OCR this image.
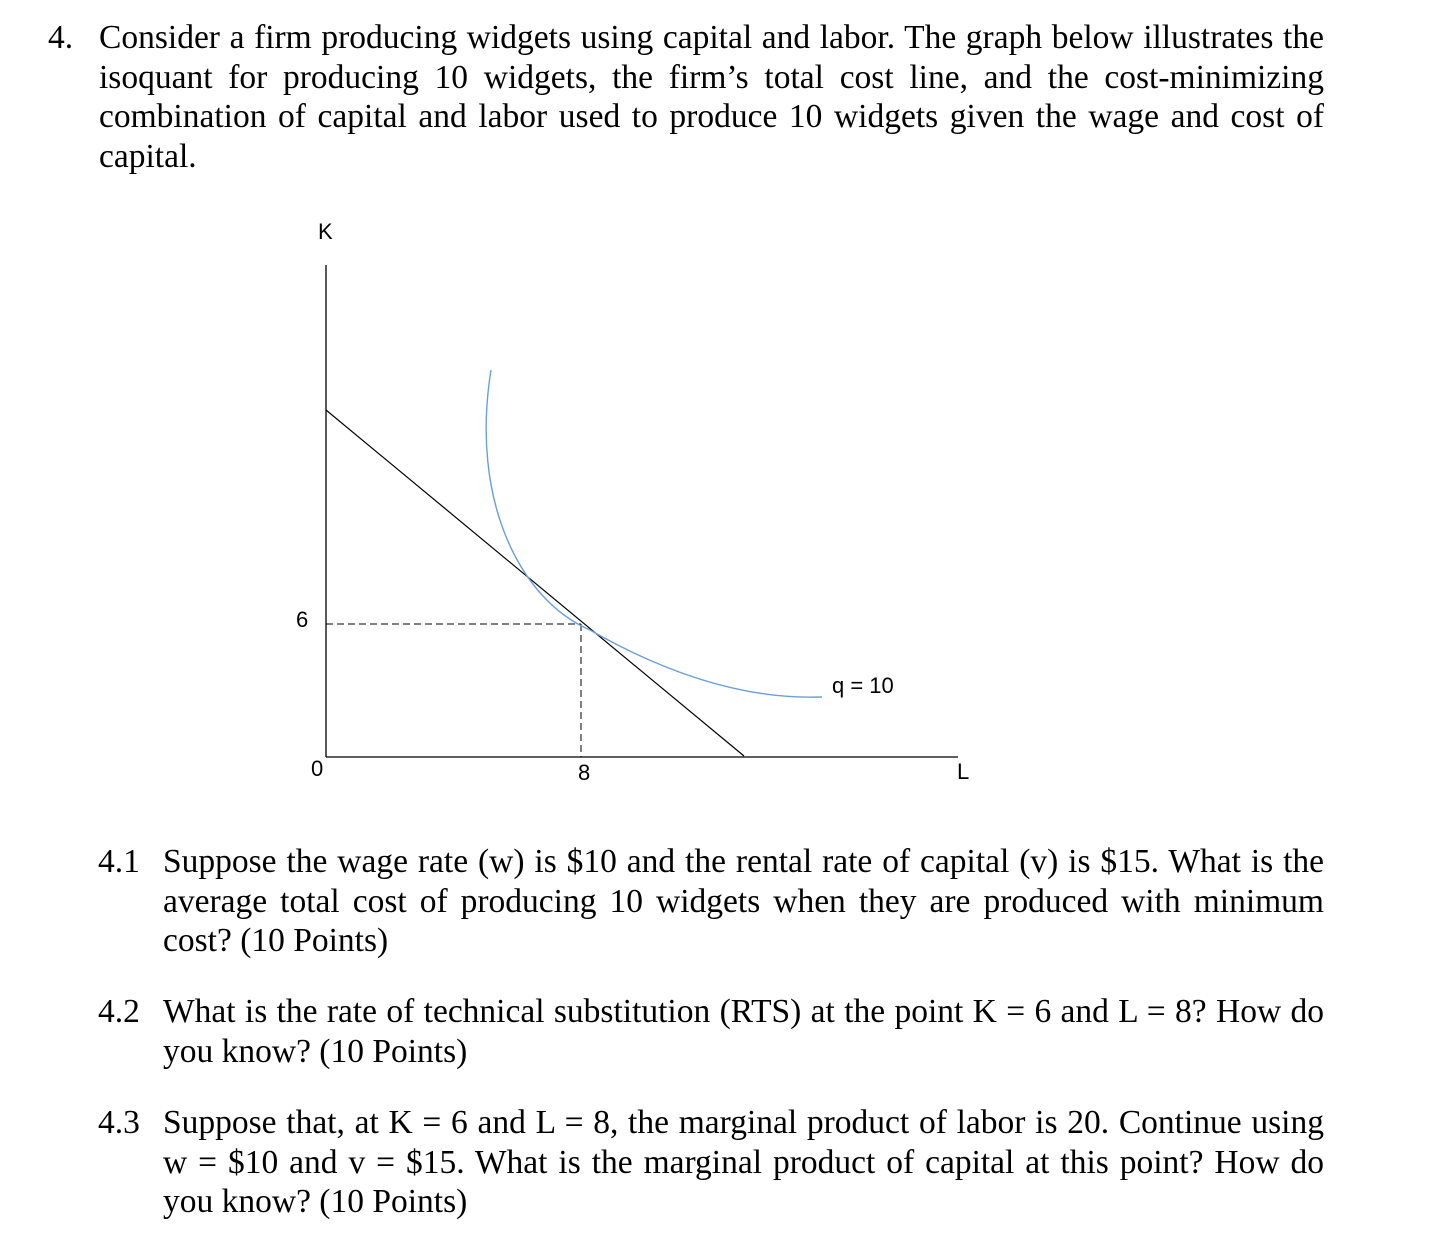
4. Consider a firm producing widgets using capital and labor. The graph below illustrates the isoquant for producing 10 widgets, the firm’s total cost line, and the cost-minimizing combination of capital and labor used to produce 10 widgets given the wage and cost of capital.
K
L
0
6
8
q = 10
4.1 Suppose the wage rate (w) is $10 and the rental rate of capital (v) is $15. What is the average total cost of producing 10 widgets when they are produced with minimum cost? (10 Points)
4.2 What is the rate of technical substitution (RTS) at the point K = 6 and L = 8? How do you know? (10 Points)
4.3 Suppose that, at K = 6 and L = 8, the marginal product of labor is 20. Continue using w = $10 and v = $15. What is the marginal product of capital at this point? How do you know? (10 Points)
